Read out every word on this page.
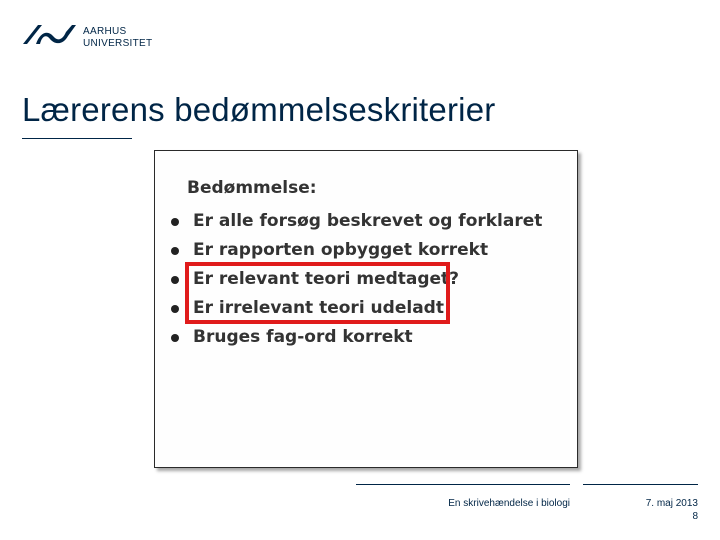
AARHUS
UNIVERSITET
Lærerens bedømmelseskriterier
Bedømmelse:
Er alle forsøg beskrevet og forklaret
Er rapporten opbygget korrekt
Er relevant teori medtaget?
Er irrelevant teori udeladt
Bruges fag-ord korrekt
En skrivehændelse i biologi	7. maj 2013
8
